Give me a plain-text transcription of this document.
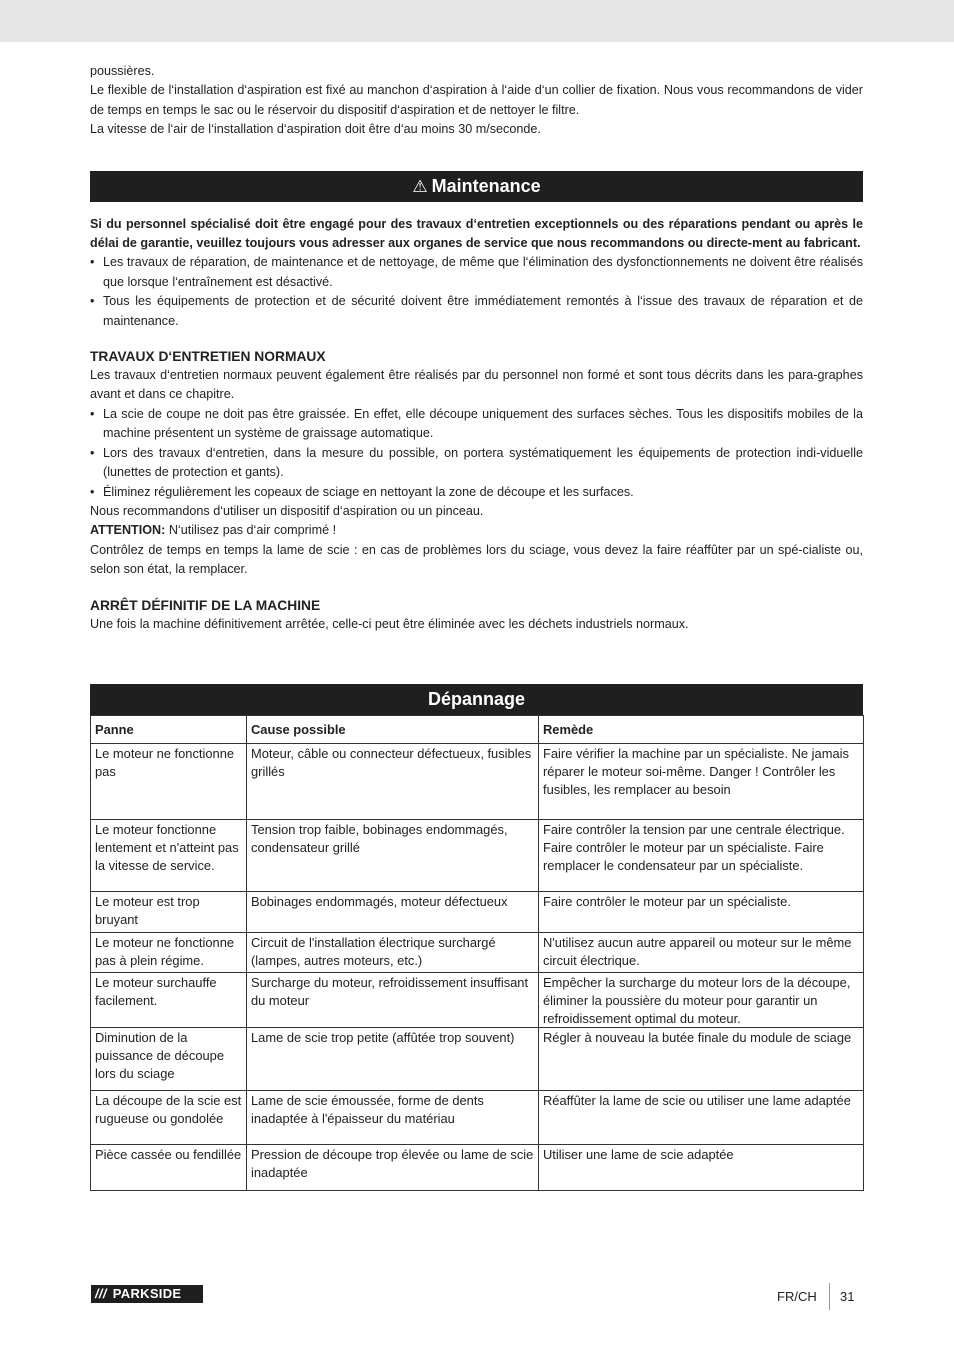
poussières.

Le flexible de l‘installation d‘aspiration est fixé au manchon d‘aspiration à l‘aide d‘un collier de fixation. Nous vous recommandons de vider de temps en temps le sac ou le réservoir du dispositif d‘aspiration et de nettoyer le filtre.

La vitesse de l‘air de l‘installation d‘aspiration doit être d‘au moins 30 m/seconde.

⚠ Maintenance

Si du personnel spécialisé doit être engagé pour des travaux d‘entretien exceptionnels ou des réparations pendant ou après le délai de garantie, veuillez toujours vous adresser aux organes de service que nous recommandons ou directe-ment au fabricant.

• Les travaux de réparation, de maintenance et de nettoyage, de même que l‘élimination des dysfonctionnements ne doivent être réalisés que lorsque l‘entraînement est désactivé.
• Tous les équipements de protection et de sécurité doivent être immédiatement remontés à l‘issue des travaux de réparation et de maintenance.
TRAVAUX D‘ENTRETIEN NORMAUX

Les travaux d‘entretien normaux peuvent également être réalisés par du personnel non formé et sont tous décrits dans les para-graphes avant et dans ce chapitre.

• La scie de coupe ne doit pas être graissée. En effet, elle découpe uniquement des surfaces sèches. Tous les dispositifs mobiles de la machine présentent un système de graissage automatique.
• Lors des travaux d‘entretien, dans la mesure du possible, on portera systématiquement les équipements de protection indi-viduelle (lunettes de protection et gants).
• Éliminez régulièrement les copeaux de sciage en nettoyant la zone de découpe et les surfaces.

Nous recommandons d‘utiliser un dispositif d‘aspiration ou un pinceau.

ATTENTION: N‘utilisez pas d‘air comprimé !

Contrôlez de temps en temps la lame de scie : en cas de problèmes lors du sciage, vous devez la faire réaffûter par un spé-cialiste ou, selon son état, la remplacer.

ARRÊT DÉFINITIF DE LA MACHINE

Une fois la machine définitivement arrêtée, celle-ci peut être éliminée avec les déchets industriels normaux.

Dépannage
Panne	Cause possible	Remède
Le moteur ne fonctionne pas	Moteur, câble ou connecteur défectueux, fusibles grillés	Faire vérifier la machine par un spécialiste. Ne jamais réparer le moteur soi-même. Danger ! Contrôler les fusibles, les remplacer au besoin
Le moteur fonctionne lentement et n'atteint pas la vitesse de service.	Tension trop faible, bobinages endommagés, condensateur grillé	Faire contrôler la tension par une centrale électrique. Faire contrôler le moteur par un spécialiste. Faire remplacer le condensateur par un spécialiste.
Le moteur est trop bruyant	Bobinages endommagés, moteur défectueux	Faire contrôler le moteur par un spécialiste.
Le moteur ne fonctionne pas à plein régime.	Circuit de l'installation électrique surchargé (lampes, autres moteurs, etc.)	N'utilisez aucun autre appareil ou moteur sur le même circuit électrique.
Le moteur surchauffe facilement.	Surcharge du moteur, refroidissement insuffisant du moteur	Empêcher la surcharge du moteur lors de la découpe, éliminer la poussière du moteur pour garantir un refroidissement optimal du moteur.
Diminution de la puissance de découpe lors du sciage	Lame de scie trop petite (affûtée trop souvent)	Régler à nouveau la butée finale du module de sciage
La découpe de la scie est rugueuse ou gondolée	Lame de scie émoussée, forme de dents inadaptée à l'épaisseur du matériau	Réaffûter la lame de scie ou utiliser une lame adaptée
Pièce cassée ou fendillée	Pression de découpe trop élevée ou lame de scie inadaptée	Utiliser une lame de scie adaptée
/// PARKSIDE	FR/CH 31
